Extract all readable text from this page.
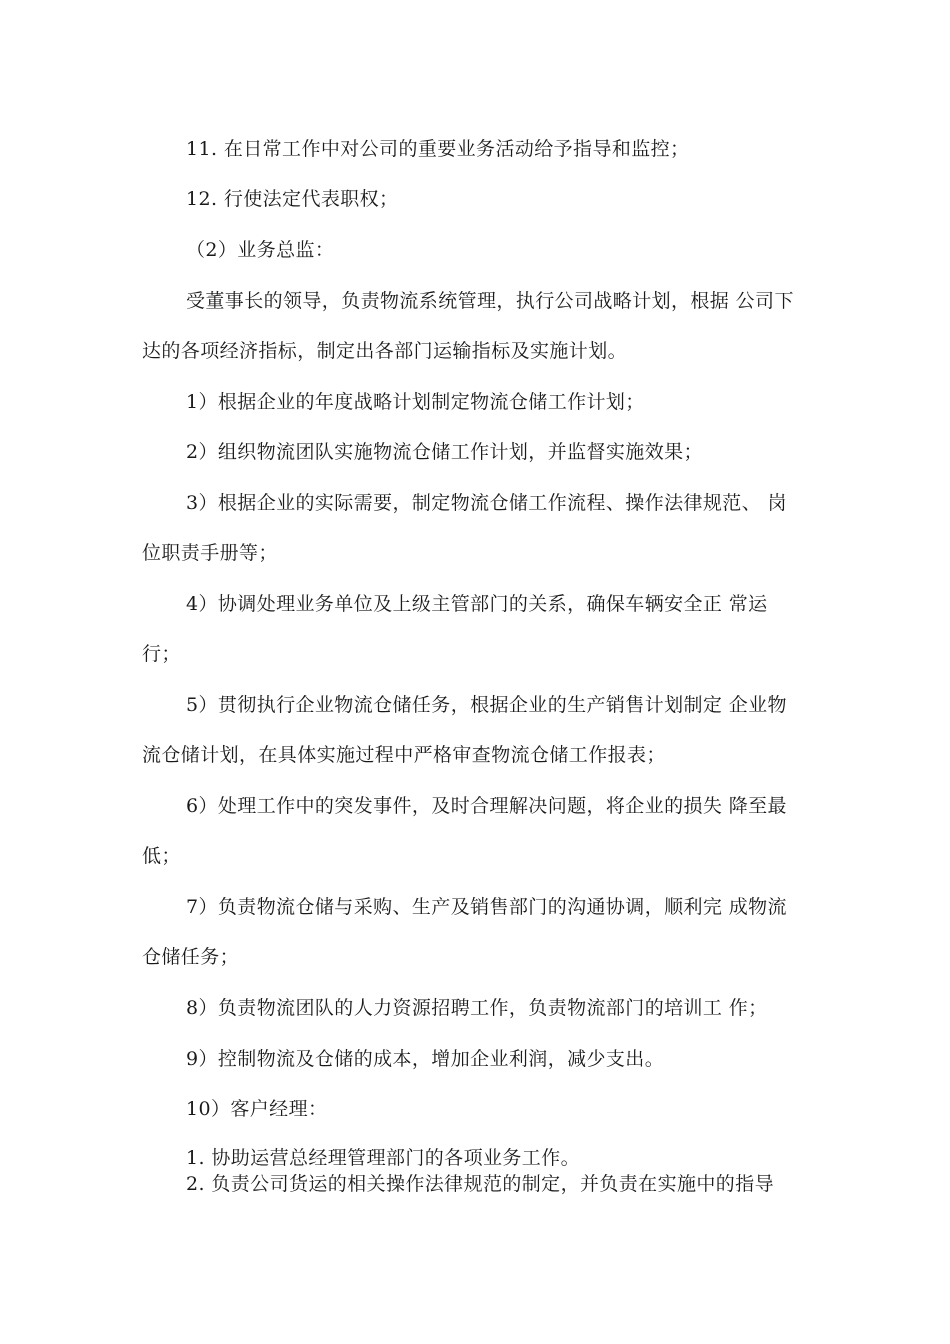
11. 在日常工作中对公司的重要业务活动给予指导和监控；
12. 行使法定代表职权；
（2）业务总监：
受董事长的领导，负责物流系统管理，执行公司战略计划，根据 公司下
达的各项经济指标，制定出各部门运输指标及实施计划。
1）根据企业的年度战略计划制定物流仓储工作计划；
2）组织物流团队实施物流仓储工作计划，并监督实施效果；
3）根据企业的实际需要，制定物流仓储工作流程、操作法律规范、 岗
位职责手册等；
4）协调处理业务单位及上级主管部门的关系，确保车辆安全正 常运
行；
5）贯彻执行企业物流仓储任务，根据企业的生产销售计划制定 企业物
流仓储计划，在具体实施过程中严格审查物流仓储工作报表；
6）处理工作中的突发事件，及时合理解决问题，将企业的损失 降至最
低；
7）负责物流仓储与采购、生产及销售部门的沟通协调，顺利完 成物流
仓储任务；
8）负责物流团队的人力资源招聘工作，负责物流部门的培训工 作；
9）控制物流及仓储的成本，增加企业利润，减少支出。
10）客户经理：
1. 协助运营总经理管理部门的各项业务工作。
2. 负责公司货运的相关操作法律规范的制定，并负责在实施中的指导
